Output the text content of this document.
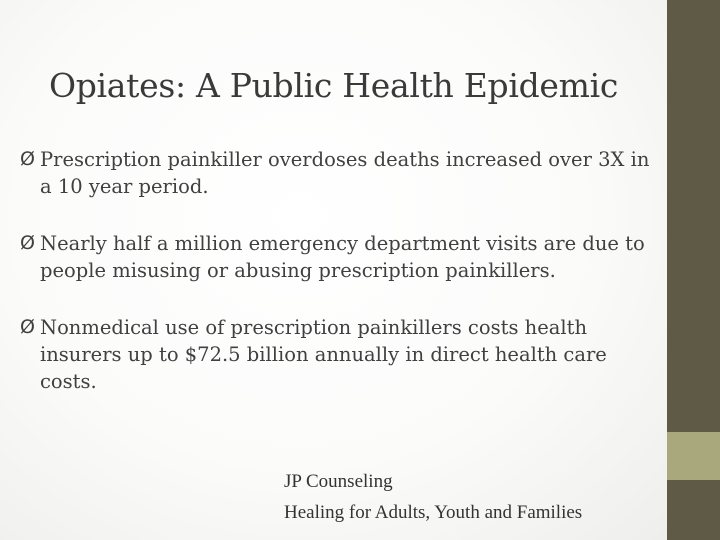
Opiates: A Public Health Epidemic
Ø Prescription painkiller overdoses deaths increased over 3X in a 10 year period.
Ø Nearly half a million emergency department visits are due to people misusing or abusing prescription painkillers.
Ø Nonmedical use of prescription painkillers costs health insurers up to $72.5 billion annually in direct health care costs.
JP Counseling
Healing for Adults, Youth and Families
